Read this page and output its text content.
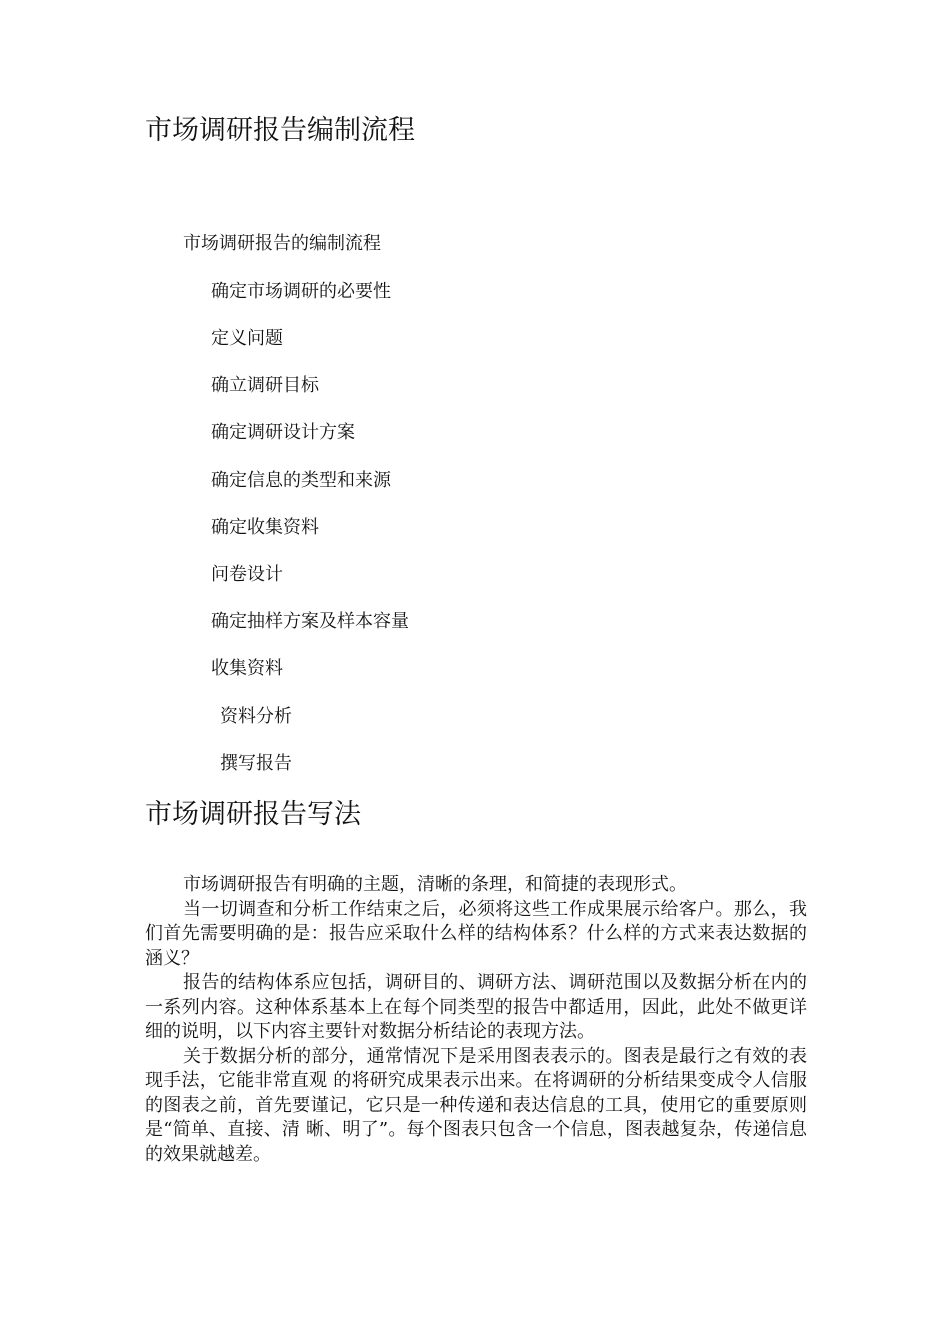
市场调研报告编制流程
市场调研报告的编制流程
确定市场调研的必要性
定义问题
确立调研目标
确定调研设计方案
确定信息的类型和来源
确定收集资料
问卷设计
确定抽样方案及样本容量
收集资料
资料分析
撰写报告
市场调研报告写法

市场调研报告有明确的主题，清晰的条理，和简捷的表现形式。

当一切调查和分析工作结束之后，必须将这些工作成果展示给客户。那么，我们首先需要明确的是：报告应采取什么样的结构体系？什么样的方式来表达数据的涵义？

报告的结构体系应包括，调研目的、调研方法、调研范围以及数据分析在内的一系列内容。这种体系基本上在每个同类型的报告中都适用，因此，此处不做更详细的说明，以下内容主要针对数据分析结论的表现方法。

关于数据分析的部分，通常情况下是采用图表表示的。图表是最行之有效的表现手法，它能非常直观 的将研究成果表示出来。在将调研的分析结果变成令人信服的图表之前，首先要谨记，它只是一种传递和表达信息的工具，使用它的重要原则是“简单、直接、清 晰、明了”。每个图表只包含一个信息，图表越复杂，传递信息的效果就越差。
